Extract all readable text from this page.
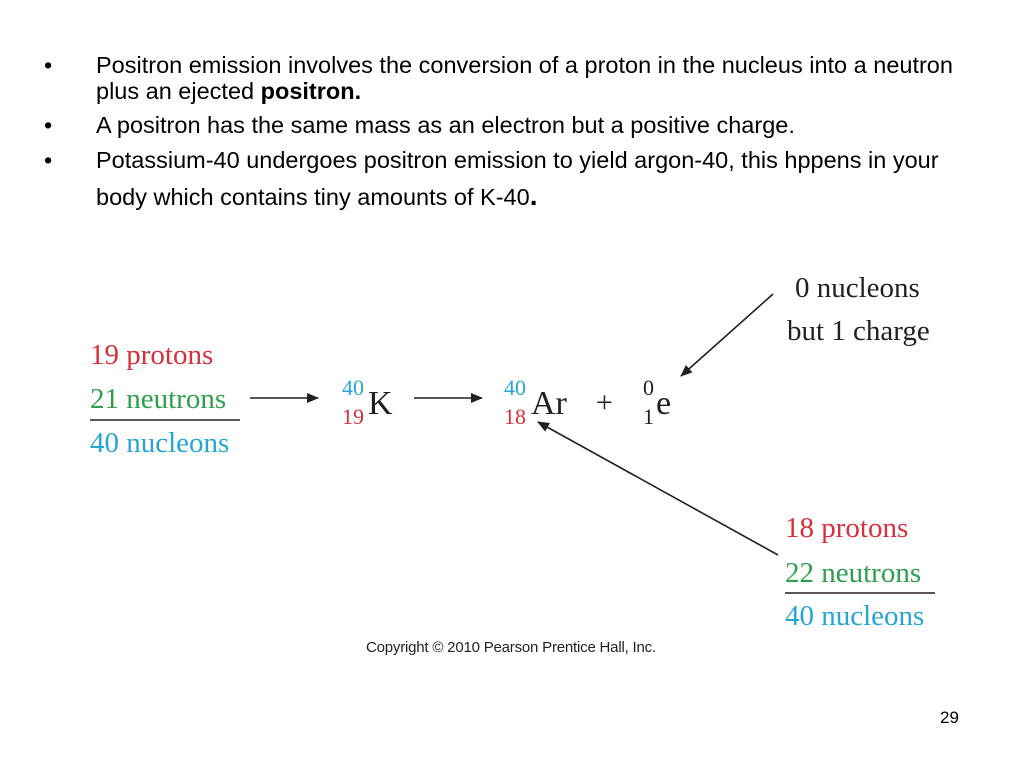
• Positron emission involves the conversion of a proton in the nucleus into a neutron plus an ejected positron.
• A positron has the same mass as an electron but a positive charge.
• Potassium-40 undergoes positron emission to yield argon-40, this hppens in your body which contains tiny amounts of K-40.
19 protons
21 neutrons
40 nucleons
40
19 K	40
18 Ar + 0
1 e
0 nucleons
but 1 charge
18 protons
22 neutrons
40 nucleons
Copyright © 2010 Pearson Prentice Hall, Inc.
29
